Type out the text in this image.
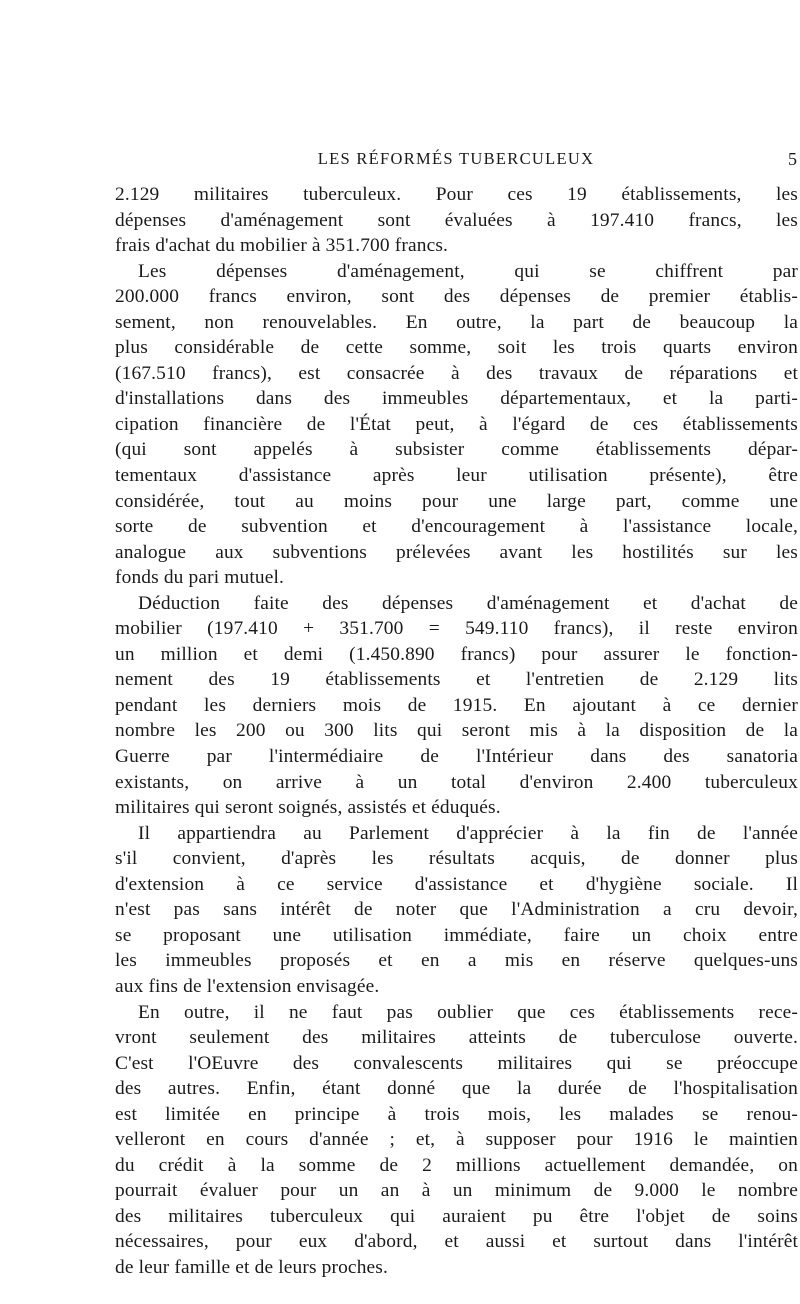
LES RÉFORMÉS TUBERCULEUX	5
2.129 militaires tuberculeux. Pour ces 19 établissements, les
dépenses d'aménagement sont évaluées à 197.410 francs, les
frais d'achat du mobilier à 351.700 francs.
Les dépenses d'aménagement, qui se chiffrent par
200.000 francs environ, sont des dépenses de premier établis-
sement, non renouvelables. En outre, la part de beaucoup la
plus considérable de cette somme, soit les trois quarts environ
(167.510 francs), est consacrée à des travaux de réparations et
d'installations dans des immeubles départementaux, et la parti-
cipation financière de l'État peut, à l'égard de ces établissements
(qui sont appelés à subsister comme établissements dépar-
tementaux d'assistance après leur utilisation présente), être
considérée, tout au moins pour une large part, comme une
sorte de subvention et d'encouragement à l'assistance locale,
analogue aux subventions prélevées avant les hostilités sur les
fonds du pari mutuel.
Déduction faite des dépenses d'aménagement et d'achat de
mobilier (197.410 + 351.700 = 549.110 francs), il reste environ
un million et demi (1.450.890 francs) pour assurer le fonction-
nement des 19 établissements et l'entretien de 2.129 lits
pendant les derniers mois de 1915. En ajoutant à ce dernier
nombre les 200 ou 300 lits qui seront mis à la disposition de la
Guerre par l'intermédiaire de l'Intérieur dans des sanatoria
existants, on arrive à un total d'environ 2.400 tuberculeux
militaires qui seront soignés, assistés et éduqués.
Il appartiendra au Parlement d'apprécier à la fin de l'année
s'il convient, d'après les résultats acquis, de donner plus
d'extension à ce service d'assistance et d'hygiène sociale. Il
n'est pas sans intérêt de noter que l'Administration a cru devoir,
se proposant une utilisation immédiate, faire un choix entre
les immeubles proposés et en a mis en réserve quelques-uns
aux fins de l'extension envisagée.
En outre, il ne faut pas oublier que ces établissements rece-
vront seulement des militaires atteints de tuberculose ouverte.
C'est l'OEuvre des convalescents militaires qui se préoccupe
des autres. Enfin, étant donné que la durée de l'hospitalisation
est limitée en principe à trois mois, les malades se renou-
velleront en cours d'année ; et, à supposer pour 1916 le maintien
du crédit à la somme de 2 millions actuellement demandée, on
pourrait évaluer pour un an à un minimum de 9.000 le nombre
des militaires tuberculeux qui auraient pu être l'objet de soins
nécessaires, pour eux d'abord, et aussi et surtout dans l'intérêt
de leur famille et de leurs proches.
